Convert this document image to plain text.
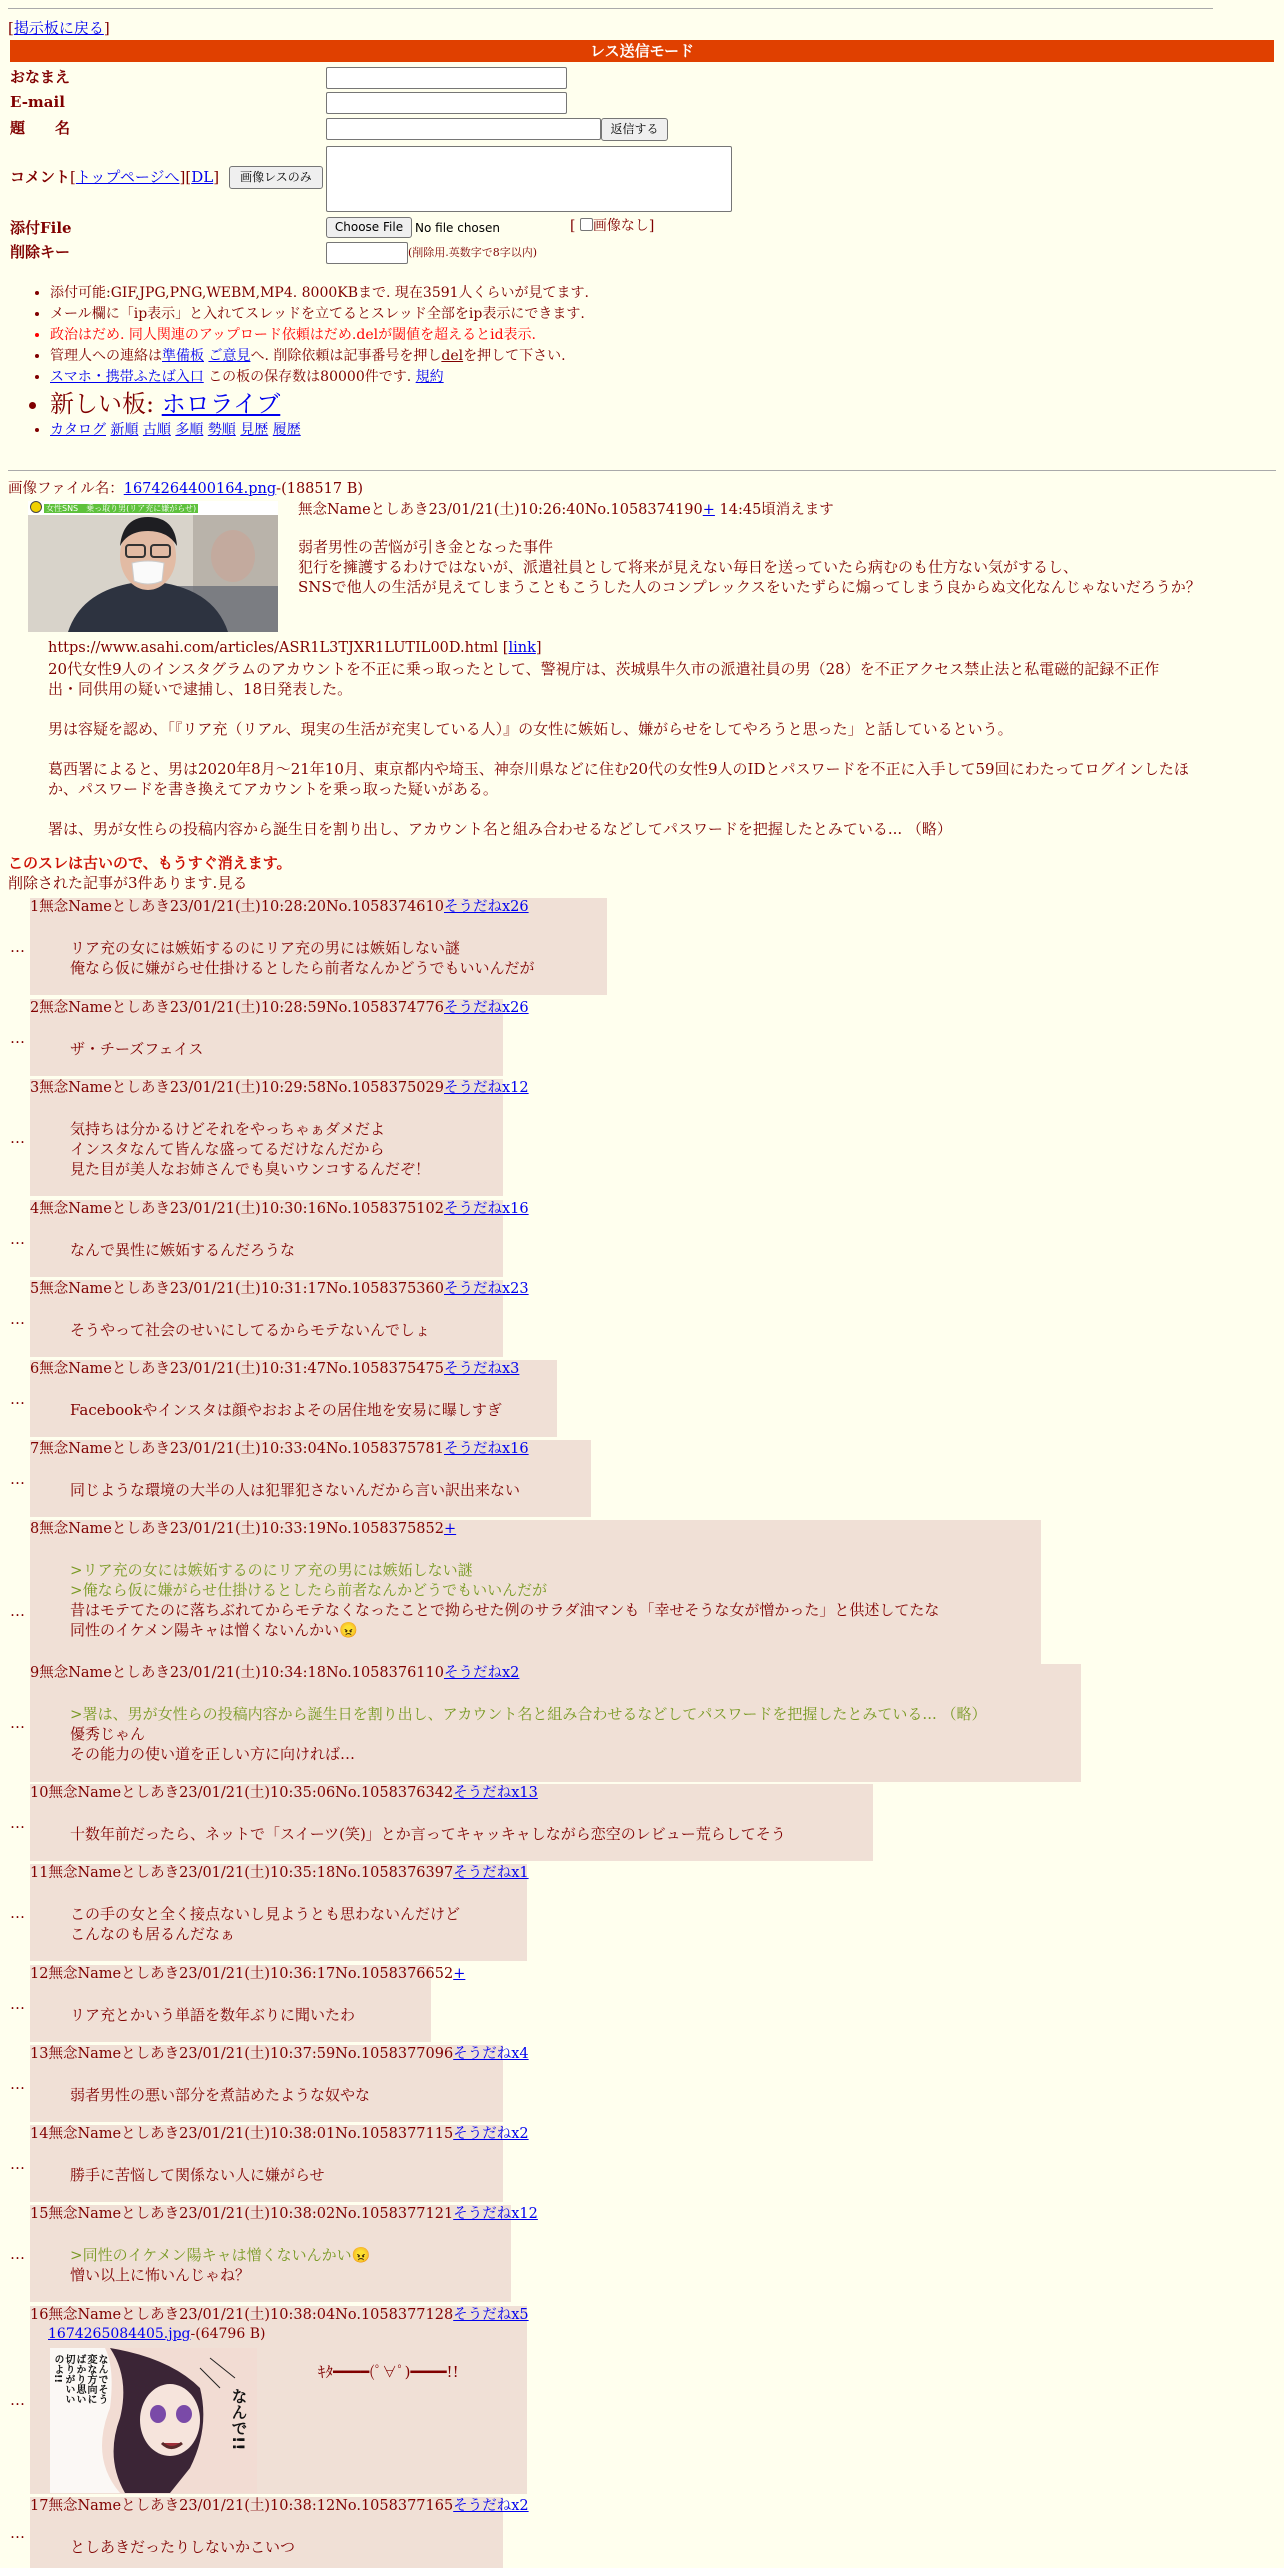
[掲示板に戻る]
レス送信モード
おなまえ
E-mail
題　　名	返信する
コメント[トップページへ][DL]	画像レスのみ
添付File	Choose File No file chosen	[ 画像なし]
削除キー	(削除用.英数字で8字以内)
• 添付可能:GIF,JPG,PNG,WEBM,MP4. 8000KBまで. 現在3591人くらいが見てます.
• メール欄に「ip表示」と入れてスレッドを立てるとスレッド全部をip表示にできます.
• 政治はだめ. 同人関連のアップロード依頼はだめ.delが閾値を超えるとid表示.
• 管理人への連絡は準備板 ご意見へ. 削除依頼は記事番号を押しdelを押して下さい.
• スマホ・携帯ふたば入口 この板の保存数は80000件です. 規約
• 新しい板: ホロライブ
• カタログ 新順 古順 多順 勢順 見歴 履歴
画像ファイル名：1674264400164.png-(188517 B)
女性SNS　乗っ取り男(リア充に嫌がらせ)	無念Nameとしあき23/01/21(土)10:26:40No.1058374190+ 14:45頃消えます
弱者男性の苦悩が引き金となった事件
犯行を擁護するわけではないが、派遣社員として将来が見えない毎日を送っていたら病むのも仕方ない気がするし、
SNSで他人の生活が見えてしまうこともこうした人のコンプレックスをいたずらに煽ってしまう良からぬ文化なんじゃないだろうか？
https://www.asahi.com/articles/ASR1L3TJXR1LUTIL00D.html [link]
20代女性9人のインスタグラムのアカウントを不正に乗っ取ったとして、警視庁は、茨城県牛久市の派遣社員の男（28）を不正アクセス禁止法と私電磁的記録不正作
出・同供用の疑いで逮捕し、18日発表した。

男は容疑を認め、「『リア充（リアル、現実の生活が充実している人）』の女性に嫉妬し、嫌がらせをしてやろうと思った」と話しているという。

葛西署によると、男は2020年8月～21年10月、東京都内や埼玉、神奈川県などに住む20代の女性9人のIDとパスワードを不正に入手して59回にわたってログインしたほ
か、パスワードを書き換えてアカウントを乗っ取った疑いがある。

署は、男が女性らの投稿内容から誕生日を割り出し、アカウント名と組み合わせるなどしてパスワードを把握したとみている... （略）
このスレは古いので、もうすぐ消えます。
削除された記事が3件あります.見る
1無念Nameとしあき23/01/21(土)10:28:20No.1058374610そうだねx26
リア充の女には嫉妬するのにリア充の男には嫉妬しない謎
俺なら仮に嫌がらせ仕掛けるとしたら前者なんかどうでもいいんだが
…
2無念Nameとしあき23/01/21(土)10:28:59No.1058374776そうだねx26
ザ・チーズフェイス
…
3無念Nameとしあき23/01/21(土)10:29:58No.1058375029そうだねx12
気持ちは分かるけどそれをやっちゃぁダメだよ
インスタなんて皆んな盛ってるだけなんだから
見た目が美人なお姉さんでも臭いウンコするんだぞ！
…
4無念Nameとしあき23/01/21(土)10:30:16No.1058375102そうだねx16
なんで異性に嫉妬するんだろうな
…
5無念Nameとしあき23/01/21(土)10:31:17No.1058375360そうだねx23
そうやって社会のせいにしてるからモテないんでしょ
…
6無念Nameとしあき23/01/21(土)10:31:47No.1058375475そうだねx3
Facebookやインスタは顔やおおよその居住地を安易に曝しすぎ
…
7無念Nameとしあき23/01/21(土)10:33:04No.1058375781そうだねx16
同じような環境の大半の人は犯罪犯さないんだから言い訳出来ない
…
8無念Nameとしあき23/01/21(土)10:33:19No.1058375852+
>リア充の女には嫉妬するのにリア充の男には嫉妬しない謎
>俺なら仮に嫌がらせ仕掛けるとしたら前者なんかどうでもいいんだが
昔はモテてたのに落ちぶれてからモテなくなったことで拗らせた例のサラダ油マンも「幸せそうな女が憎かった」と供述してたな
同性のイケメン陽キャは憎くないんかい😠
…
9無念Nameとしあき23/01/21(土)10:34:18No.1058376110そうだねx2
>署は、男が女性らの投稿内容から誕生日を割り出し、アカウント名と組み合わせるなどしてパスワードを把握したとみている... （略）
優秀じゃん
その能力の使い道を正しい方に向ければ…
…
10無念Nameとしあき23/01/21(土)10:35:06No.1058376342そうだねx13
十数年前だったら、ネットで「スイーツ(笑)」とか言ってキャッキャしながら恋空のレビュー荒らしてそう
…
11無念Nameとしあき23/01/21(土)10:35:18No.1058376397そうだねx1
この手の女と全く接点ないし見ようとも思わないんだけど
こんなのも居るんだなぁ
…
12無念Nameとしあき23/01/21(土)10:36:17No.1058376652+
リア充とかいう単語を数年ぶりに聞いたわ
…
13無念Nameとしあき23/01/21(土)10:37:59No.1058377096そうだねx4
弱者男性の悪い部分を煮詰めたような奴やな
…
14無念Nameとしあき23/01/21(土)10:38:01No.1058377115そうだねx2
勝手に苦悩して関係ない人に嫌がらせ
…
15無念Nameとしあき23/01/21(土)10:38:02No.1058377121そうだねx12
>同性のイケメン陽キャは憎くないんかい😠
憎い以上に怖いんじゃね？
…
16無念Nameとしあき23/01/21(土)10:38:04No.1058377128そうだねx5
1674265084405.jpg-(64796 B)
なんでそう
変な方向に
ばかり思い
切りがいい
のよ!!
なんで!!
ｷﾀ━━━━(ﾟ∀ﾟ)━━━━!!
…
17無念Nameとしあき23/01/21(土)10:38:12No.1058377165そうだねx2
としあきだったりしないかこいつ
…
